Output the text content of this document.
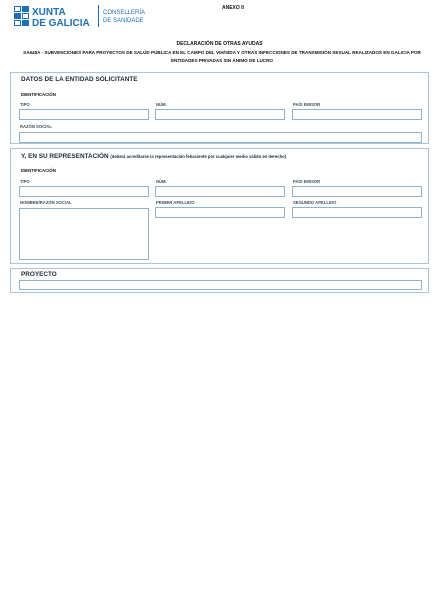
XUNTA
DE GALICIA
CONSELLERÍA
DE SANIDADE
ANEXO II
DECLARACIÓN DE OTRAS AYUDAS
SA645A - SUBVENCIONES PARA PROYECTOS DE SALUD PÚBLICA EN EL CAMPO DEL VIH/SIDA Y OTRAS INFECCIONES DE TRANSMISIÓN SEXUAL REALIZADOS EN GALICIA POR ENTIDADES PRIVADAS SIN ÁNIMO DE LUCRO
DATOS DE LA ENTIDAD SOLICITANTE
IDENTIFICACIÓN
TIPO	NÚM.	PAÍS EMISOR
RAZÓN SOCIAL
Y, EN SU REPRESENTACIÓN (deberá acreditarse la representación fehaciente por cualquier medio válido en derecho)
IDENTIFICACIÓN
TIPO	NÚM.	PAÍS EMISOR
NOMBRE/RAZÓN SOCIAL	PRIMER APELLIDO	SEGUNDO APELLIDO
PROYECTO
